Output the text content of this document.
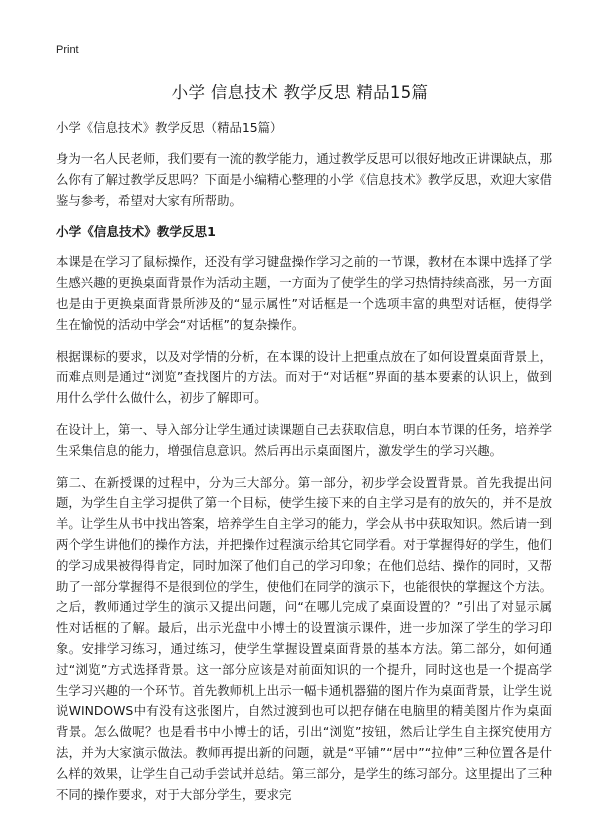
Print
小学 信息技术 教学反思 精品15篇
小学《信息技术》教学反思（精品15篇）

身为一名人民老师，我们要有一流的教学能力，通过教学反思可以很好地改正讲课缺点，那么你有了解过教学反思吗？下面是小编精心整理的小学《信息技术》教学反思，欢迎大家借鉴与参考，希望对大家有所帮助。

小学《信息技术》教学反思1

本课是在学习了鼠标操作，还没有学习键盘操作学习之前的一节课，教材在本课中选择了学生感兴趣的更换桌面背景作为活动主题，一方面为了使学生的学习热情持续高涨，另一方面也是由于更换桌面背景所涉及的“显示属性”对话框是一个选项丰富的典型对话框，使得学生在愉悦的活动中学会“对话框”的复杂操作。

根据课标的要求，以及对学情的分析，在本课的设计上把重点放在了如何设置桌面背景上，而难点则是通过“浏览”查找图片的方法。而对于“对话框”界面的基本要素的认识上，做到用什么学什么做什么，初步了解即可。

在设计上，第一、导入部分让学生通过读课题自己去获取信息，明白本节课的任务，培养学生采集信息的能力，增强信息意识。然后再出示桌面图片，激发学生的学习兴趣。

第二、在新授课的过程中，分为三大部分。第一部分，初步学会设置背景。首先我提出问题，为学生自主学习提供了第一个目标，使学生接下来的自主学习是有的放矢的，并不是放羊。让学生从书中找出答案，培养学生自主学习的能力，学会从书中获取知识。然后请一到两个学生讲他们的操作方法，并把操作过程演示给其它同学看。对于掌握得好的学生，他们的学习成果被得得肯定，同时加深了他们自己的学习印象；在他们总结、操作的同时，又帮助了一部分掌握得不是很到位的学生，使他们在同学的演示下，也能很快的掌握这个方法。之后，教师通过学生的演示又提出问题，问“在哪儿完成了桌面设置的？”引出了对显示属性对话框的了解。最后，出示光盘中小博士的设置演示课件，进一步加深了学生的学习印象。安排学习练习，通过练习，使学生掌握设置桌面背景的基本方法。第二部分，如何通过“浏览”方式选择背景。这一部分应该是对前面知识的一个提升，同时这也是一个提高学生学习兴趣的一个环节。首先教师机上出示一幅卡通机器猫的图片作为桌面背景，让学生说说WINDOWS中有没有这张图片，自然过渡到也可以把存储在电脑里的精美图片作为桌面背景。怎么做呢？也是看书中小博士的话，引出“浏览”按钮，然后让学生自主探究使用方法，并为大家演示做法。教师再提出新的问题，就是“平铺”“居中”“拉伸”三种位置各是什么样的效果，让学生自己动手尝试并总结。第三部分，是学生的练习部分。这里提出了三种不同的操作要求，对于大部分学生，要求完
